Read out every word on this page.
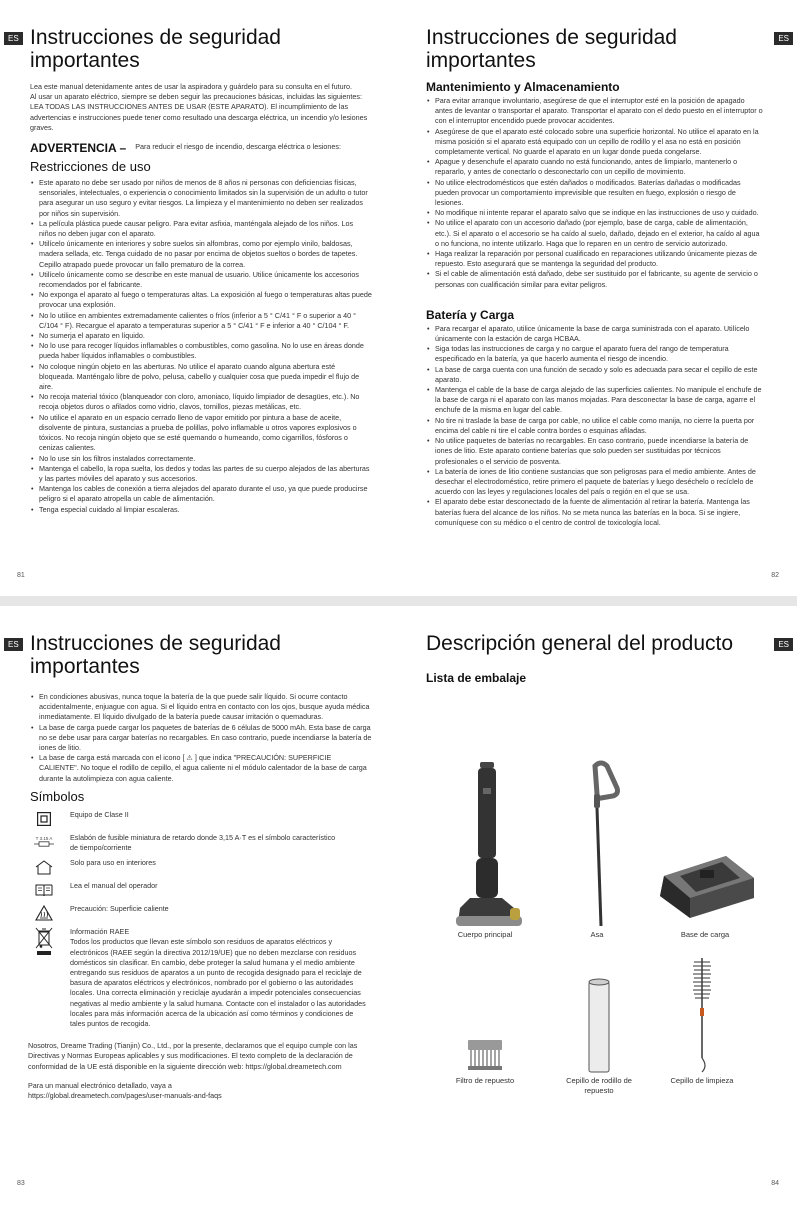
ES Instrucciones de seguridad importantes

Lea este manual detenidamente antes de usar la aspiradora y guárdelo para su consulta en el futuro.

Al usar un aparato eléctrico, siempre se deben seguir las precauciones básicas, incluidas las siguientes:

LEA TODAS LAS INSTRUCCIONES ANTES DE USAR (ESTE APARATO). El incumplimiento de las advertencias e instrucciones puede tener como resultado una descarga eléctrica, un incendio y/o lesiones graves.

ADVERTENCIA – Para reducir el riesgo de incendio, descarga eléctrica o lesiones:
Restricciones de uso
• Este aparato no debe ser usado por niños de menos de 8 años ni personas con deficiencias físicas, sensoriales, intelectuales, o experiencia o conocimiento limitados sin la supervisión de un adulto o tutor para asegurar un uso seguro y evitar riesgos. La limpieza y el mantenimiento no deben ser realizados por niños sin supervisión.
• La película plástica puede causar peligro. Para evitar asfixia, manténgala alejado de los niños. Los niños no deben jugar con el aparato.
• Utilícelo únicamente en interiores y sobre suelos sin alfombras, como por ejemplo vinilo, baldosas, madera sellada, etc. Tenga cuidado de no pasar por encima de objetos sueltos o bordes de tapetes. Cepillo atrapado puede provocar un fallo prematuro de la correa.
• Utilícelo únicamente como se describe en este manual de usuario. Utilice únicamente los accesorios recomendados por el fabricante.
• No exponga el aparato al fuego o temperaturas altas. La exposición al fuego o temperaturas altas puede provocar una explosión.
• No lo utilice en ambientes extremadamente calientes o fríos (inferior a 5 ° C/41 ° F o superior a 40 ° C/104 ° F). Recargue el aparato a temperaturas superior a 5 ° C/41 ° F e inferior a 40 ° C/104 ° F.
• No sumerja el aparato en líquido.
• No lo use para recoger líquidos inflamables o combustibles, como gasolina. No lo use en áreas donde pueda haber líquidos inflamables o combustibles.
• No coloque ningún objeto en las aberturas. No utilice el aparato cuando alguna abertura esté bloqueada. Manténgalo libre de polvo, pelusa, cabello y cualquier cosa que pueda impedir el flujo de aire.
• No recoja material tóxico (blanqueador con cloro, amoniaco, líquido limpiador de desagües, etc.). No recoja objetos duros o afilados como vidrio, clavos, tornillos, piezas metálicas, etc.
• No utilice el aparato en un espacio cerrado lleno de vapor emitido por pintura a base de aceite, disolvente de pintura, sustancias a prueba de polillas, polvo inflamable u otros vapores explosivos o tóxicos. No recoja ningún objeto que se esté quemando o humeando, como cigarrillos, fósforos o cenizas calientes.
• No lo use sin los filtros instalados correctamente.
• Mantenga el cabello, la ropa suelta, los dedos y todas las partes de su cuerpo alejados de las aberturas y las partes móviles del aparato y sus accesorios.
• Mantenga los cables de conexión a tierra alejados del aparato durante el uso, ya que puede producirse peligro si el aparato atropella un cable de alimentación.
• Tenga especial cuidado al limpiar escaleras.
81
ES
Instrucciones de seguridad importantes
Mantenimiento y Almacenamiento
• Para evitar arranque involuntario, asegúrese de que el interruptor esté en la posición de apagado antes de levantar o transportar el aparato. Transportar el aparato con el dedo puesto en el interruptor o con el interruptor encendido puede provocar accidentes.
• Asegúrese de que el aparato esté colocado sobre una superficie horizontal. No utilice el aparato en la misma posición si el aparato está equipado con un cepillo de rodillo y el asa no está en posición completamente vertical. No guarde el aparato en un lugar donde pueda congelarse.
• Apague y desenchufe el aparato cuando no está funcionando, antes de limpiarlo, mantenerlo o repararlo, y antes de conectarlo o desconectarlo con un cepillo de movimiento.
• No utilice electrodomésticos que estén dañados o modificados. Baterías dañadas o modificadas pueden provocar un comportamiento imprevisible que resulten en fuego, explosión o riesgo de lesiones.
• No modifique ni intente reparar el aparato salvo que se indique en las instrucciones de uso y cuidado.
• No utilice el aparato con un accesorio dañado (por ejemplo, base de carga, cable de alimentación, etc.). Si el aparato o el accesorio se ha caído al suelo, dañado, dejado en el exterior, ha caído al agua o no funciona, no intente utilizarlo. Haga que lo reparen en un centro de servicio autorizado.
• Haga realizar la reparación por personal cualificado en reparaciones utilizando únicamente piezas de repuesto. Esto asegurará que se mantenga la seguridad del producto.
• Si el cable de alimentación está dañado, debe ser sustituido por el fabricante, su agente de servicio o personas con cualificación similar para evitar peligros.
Batería y Carga
• Para recargar el aparato, utilice únicamente la base de carga suministrada con el aparato. Utilícelo únicamente con la estación de carga HCBAA.
• Siga todas las instrucciones de carga y no cargue el aparato fuera del rango de temperatura especificado en la batería, ya que hacerlo aumenta el riesgo de incendio.
• La base de carga cuenta con una función de secado y solo es adecuada para secar el cepillo de este aparato.
• Mantenga el cable de la base de carga alejado de las superficies calientes. No manipule el enchufe de la base de carga ni el aparato con las manos mojadas. Para desconectar la base de carga, agarre el enchufe de la misma en lugar del cable.
• No tire ni traslade la base de carga por cable, no utilice el cable como manija, no cierre la puerta por encima del cable ni tire el cable contra bordes o esquinas afiladas.
• No utilice paquetes de baterías no recargables. En caso contrario, puede incendiarse la batería de iones de litio. Este aparato contiene baterías que solo pueden ser sustituidas por técnicos profesionales o el servicio de posventa.
• La batería de iones de litio contiene sustancias que son peligrosas para el medio ambiente. Antes de desechar el electrodoméstico, retire primero el paquete de baterías y luego deséchelo o recíclelo de acuerdo con las leyes y regulaciones locales del país o región en el que se usa.
• El aparato debe estar desconectado de la fuente de alimentación al retirar la batería. Mantenga las baterías fuera del alcance de los niños. No se meta nunca las baterías en la boca. Si se ingiere, comuníquese con su médico o el centro de control de toxicología local.
82
ES Instrucciones de seguridad importantes
• En condiciones abusivas, nunca toque la batería de la que puede salir líquido. Si ocurre contacto accidentalmente, enjuague con agua. Si el líquido entra en contacto con los ojos, busque ayuda médica inmediatamente. El líquido divulgado de la batería puede causar irritación o quemaduras.
• La base de carga puede cargar los paquetes de baterías de 6 células de 5000 mAh. Esta base de carga no se debe usar para cargar baterías no recargables. En caso contrario, puede incendiarse la batería de iones de litio.
• La base de carga está marcada con el icono [ ⚠ ] que indica "PRECAUCIÓN: SUPERFICIE CALIENTE". No toque el rodillo de cepillo, el agua caliente ni el módulo calentador de la base de carga durante la autolimpieza con agua caliente.
Símbolos
Equipo de Clase II
T 3.15 A Eslabón de fusible miniatura de retardo donde 3,15 A·T es el símbolo característico de tiempo/corriente
Solo para uso en interiores
Lea el manual del operador
Precaución: Superficie caliente
Información RAEE
Todos los productos que llevan este símbolo son residuos de aparatos eléctricos y electrónicos (RAEE según la directiva 2012/19/UE) que no deben mezclarse con residuos domésticos sin clasificar. En cambio, debe proteger la salud humana y el medio ambiente entregando sus residuos de aparatos a un punto de recogida designado para el reciclaje de basura de aparatos eléctricos y electrónicos, nombrado por el gobierno o las autoridades locales. Una correcta eliminación y reciclaje ayudarán a impedir potenciales consecuencias negativas al medio ambiente y la salud humana. Contacte con el instalador o las autoridades locales para más información acerca de la ubicación así como términos y condiciones de tales puntos de recogida.

Nosotros, Dreame Trading (Tianjin) Co., Ltd., por la presente, declaramos que el equipo cumple con las Directivas y Normas Europeas aplicables y sus modificaciones. El texto completo de la declaración de conformidad de la UE está disponible en la siguiente dirección web: https://global.dreametech.com

Para un manual electrónico detallado, vaya a https://global.dreametech.com/pages/user-manuals-and-faqs

83
ES
Descripción general del producto
Lista de embalaje
Cuerpo principal	Asa	Base de carga
Filtro de repuesto	Cepillo de rodillo de repuesto
Cepillo de limpieza
84
